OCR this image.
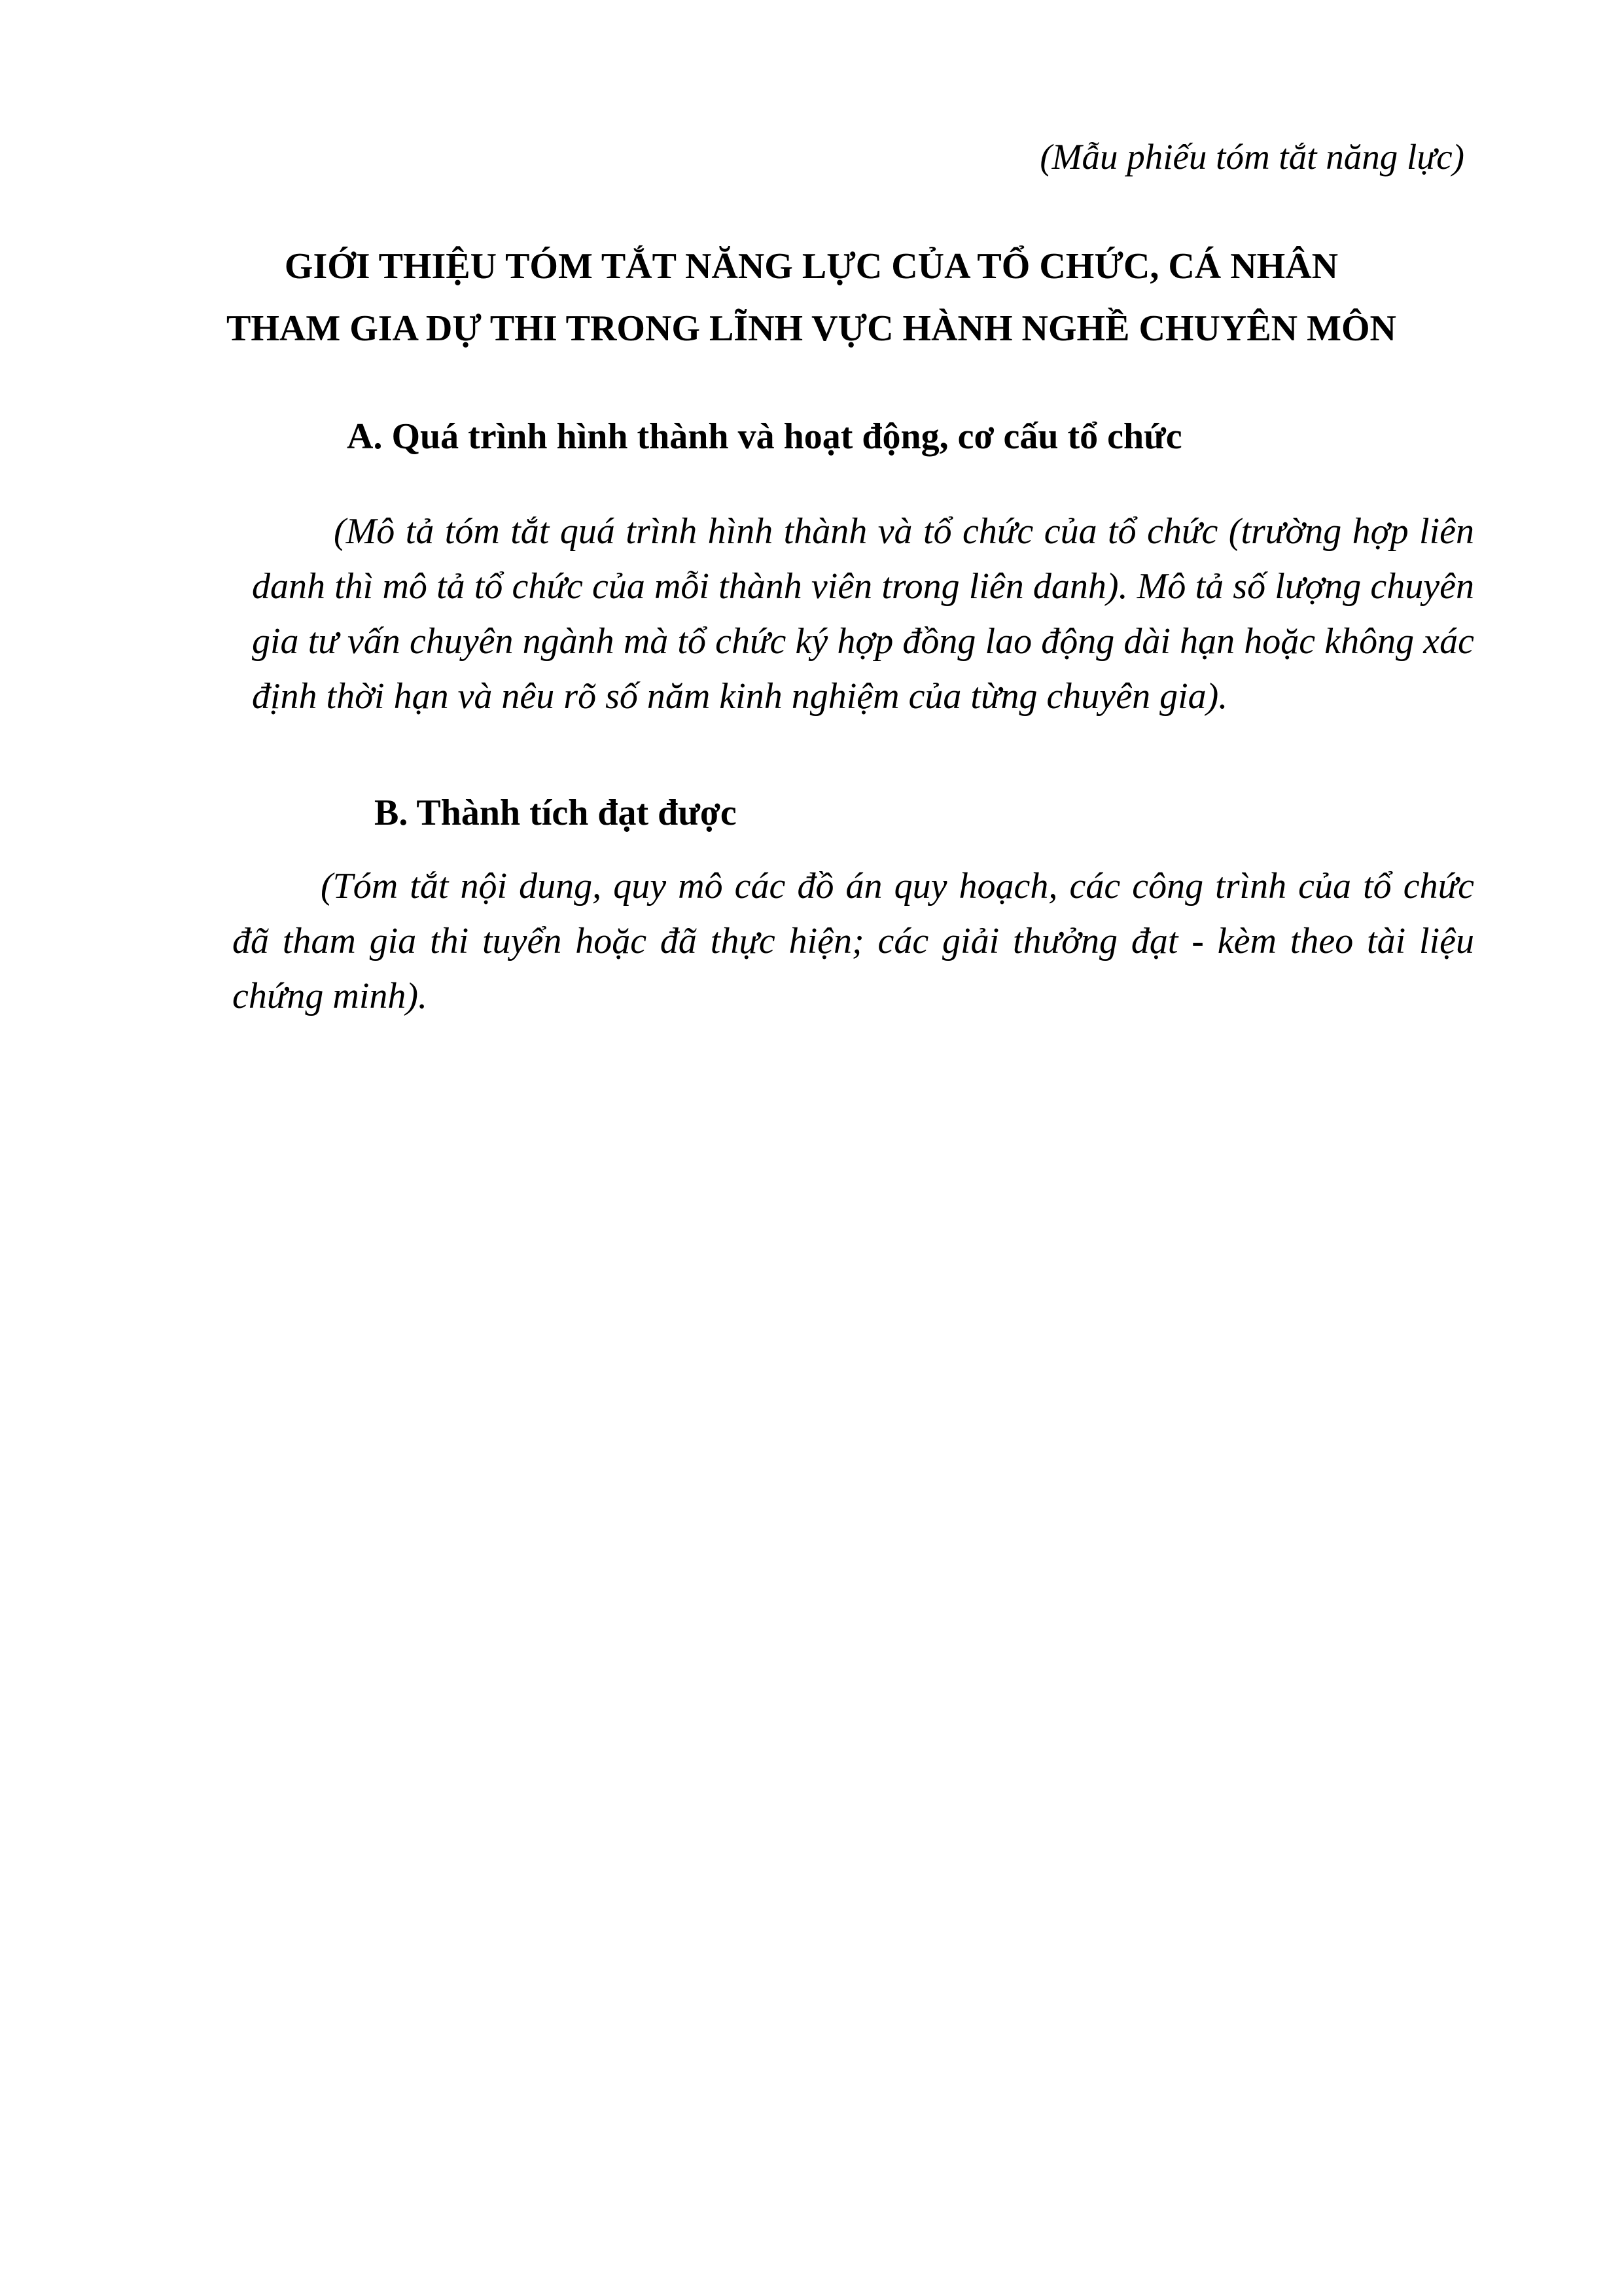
(Mẫu phiếu tóm tắt năng lực)
GIỚI THIỆU TÓM TẮT NĂNG LỰC CỦA TỔ CHỨC, CÁ NHÂN
THAM GIA DỰ THI TRONG LĨNH VỰC HÀNH NGHỀ CHUYÊN MÔN
A. Quá trình hình thành và hoạt động, cơ cấu tổ chức

(Mô tả tóm tắt quá trình hình thành và tổ chức của tổ chức (trường hợp liên danh thì mô tả tổ chức của mỗi thành viên trong liên danh). Mô tả số lượng chuyên gia tư vấn chuyên ngành mà tổ chức ký hợp đồng lao động dài hạn hoặc không xác định thời hạn và nêu rõ số năm kinh nghiệm của từng chuyên gia).

B. Thành tích đạt được

(Tóm tắt nội dung, quy mô các đồ án quy hoạch, các công trình của tổ chức đã tham gia thi tuyển hoặc đã thực hiện; các giải thưởng đạt - kèm theo tài liệu chứng minh).
